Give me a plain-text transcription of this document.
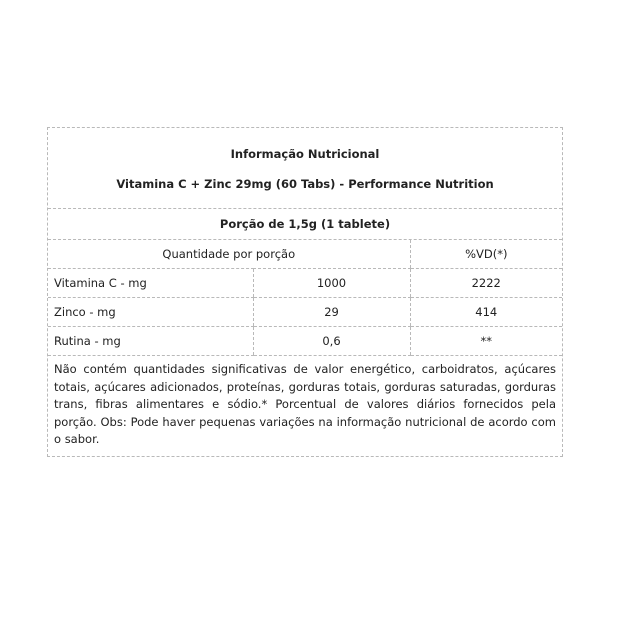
Informação Nutricional
Vitamina C + Zinc 29mg (60 Tabs) - Performance Nutrition
Porção de 1,5g (1 tablete)
Quantidade por porção		%VD(*)
Vitamina C - mg	1000	2222
Zinco - mg	29	414
Rutina - mg	0,6	**
Não contém quantidades significativas de valor energético, carboidratos, açúcares totais, açúcares adicionados, proteínas, gorduras totais, gorduras saturadas, gorduras trans, fibras alimentares e sódio.* Porcentual de valores diários fornecidos pela porção. Obs: Pode haver pequenas variações na informação nutricional de acordo com o sabor.
